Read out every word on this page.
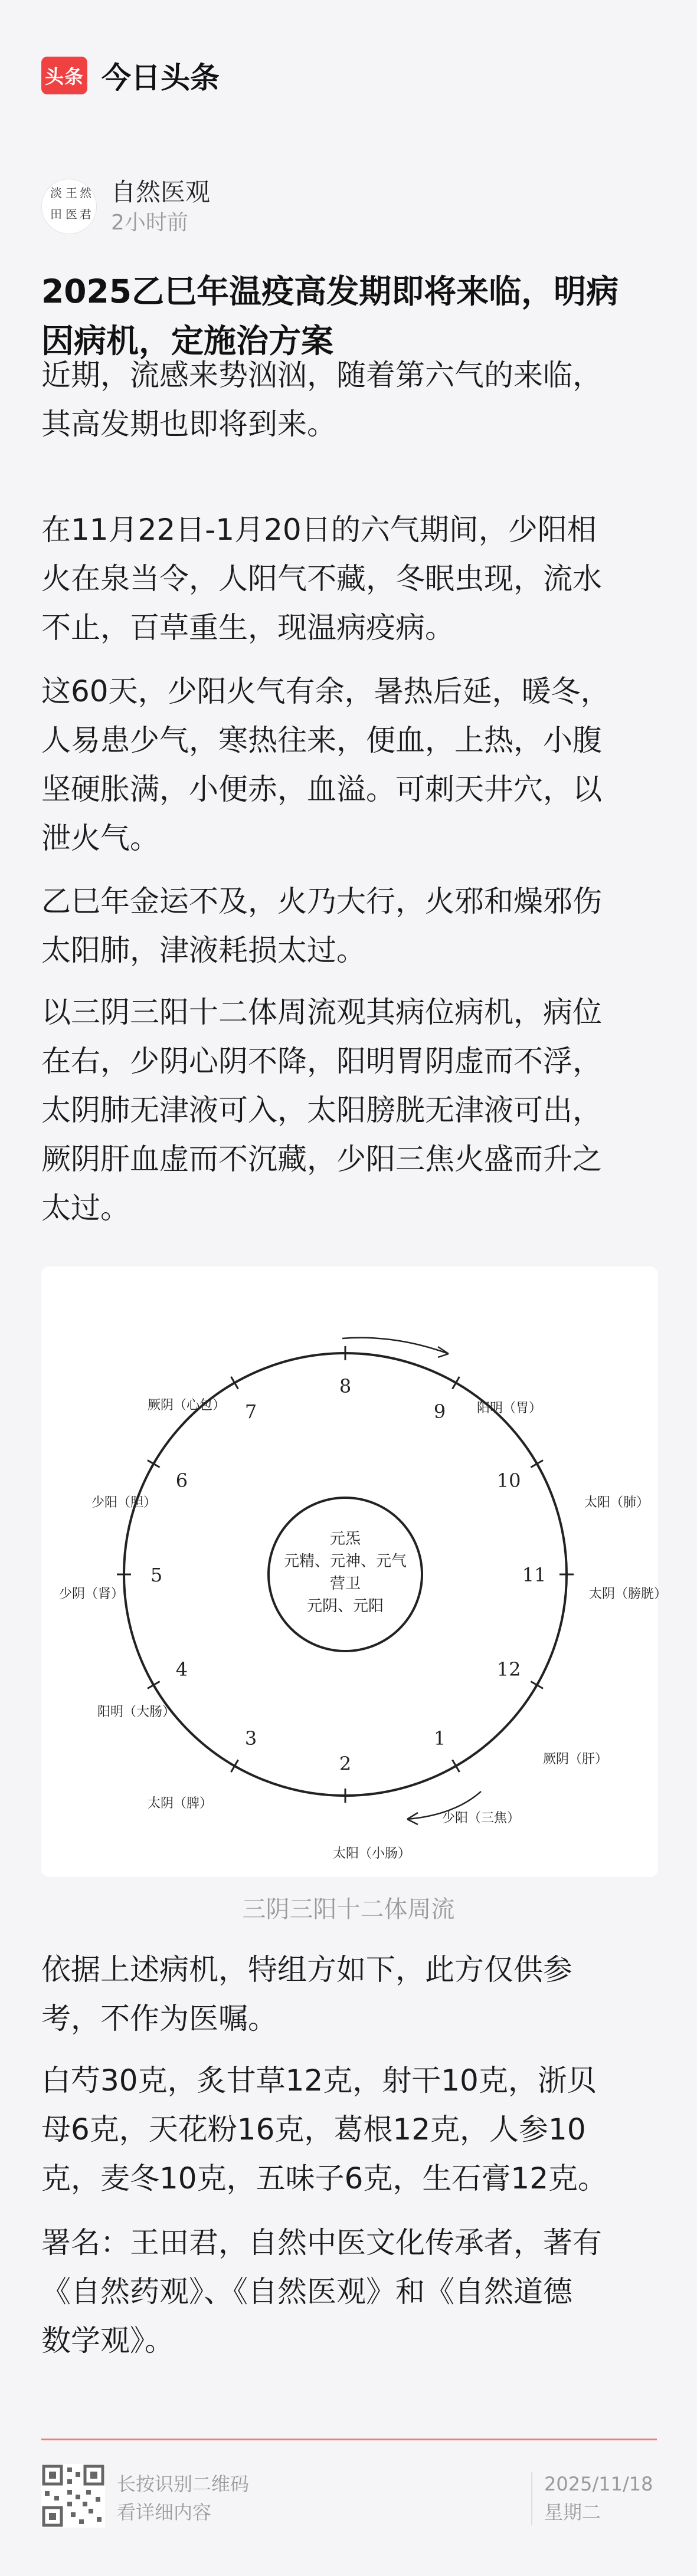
头条 今日头条
淡 王 然
田 医 君
自然医观
2小时前
2025乙巳年温疫高发期即将来临，明病
因病机，定施治方案

近期，流感来势汹汹，随着第六气的来临，
其高发期也即将到来。

在11月22日-1月20日的六气期间，少阳相
火在泉当令，人阳气不藏，冬眠虫现，流水
不止，百草重生，现温病疫病。

这60天，少阳火气有余，暑热后延，暖冬，
人易患少气，寒热往来，便血，上热，小腹
坚硬胀满，小便赤，血溢。可刺天井穴，以
泄火气。

乙巳年金运不及，火乃大行，火邪和燥邪伤
太阳肺，津液耗损太过。

以三阴三阳十二体周流观其病位病机，病位
在右，少阴心阴不降，阳明胃阴虚而不浮，
太阴肺无津液可入，太阳膀胱无津液可出，
厥阴肝血虚而不沉藏，少阳三焦火盛而升之
太过。

元炁
元精、元神、元气
营卫
元阴、元阳
1
少阳（三焦）
2
太阳（小肠）
3
太阴（脾）
4
阳明（大肠）
5
少阴（肾）
6
少阳（胆）
7
厥阴（心包）
8
9 阳明（胃）
10
太阳（肺）
11
太阴（膀胱）
12
厥阴（肝）
三阴三阳十二体周流

依据上述病机，特组方如下，此方仅供参
考，不作为医嘱。

白芍30克，炙甘草12克，射干10克，浙贝
母6克，天花粉16克，葛根12克，人参10
克，麦冬10克，五味子6克，生石膏12克。

署名：王田君，自然中医文化传承者，著有
《自然药观》、《自然医观》和《自然道德
数学观》。

长按识别二维码
看详细内容
2025/11/18
星期二
